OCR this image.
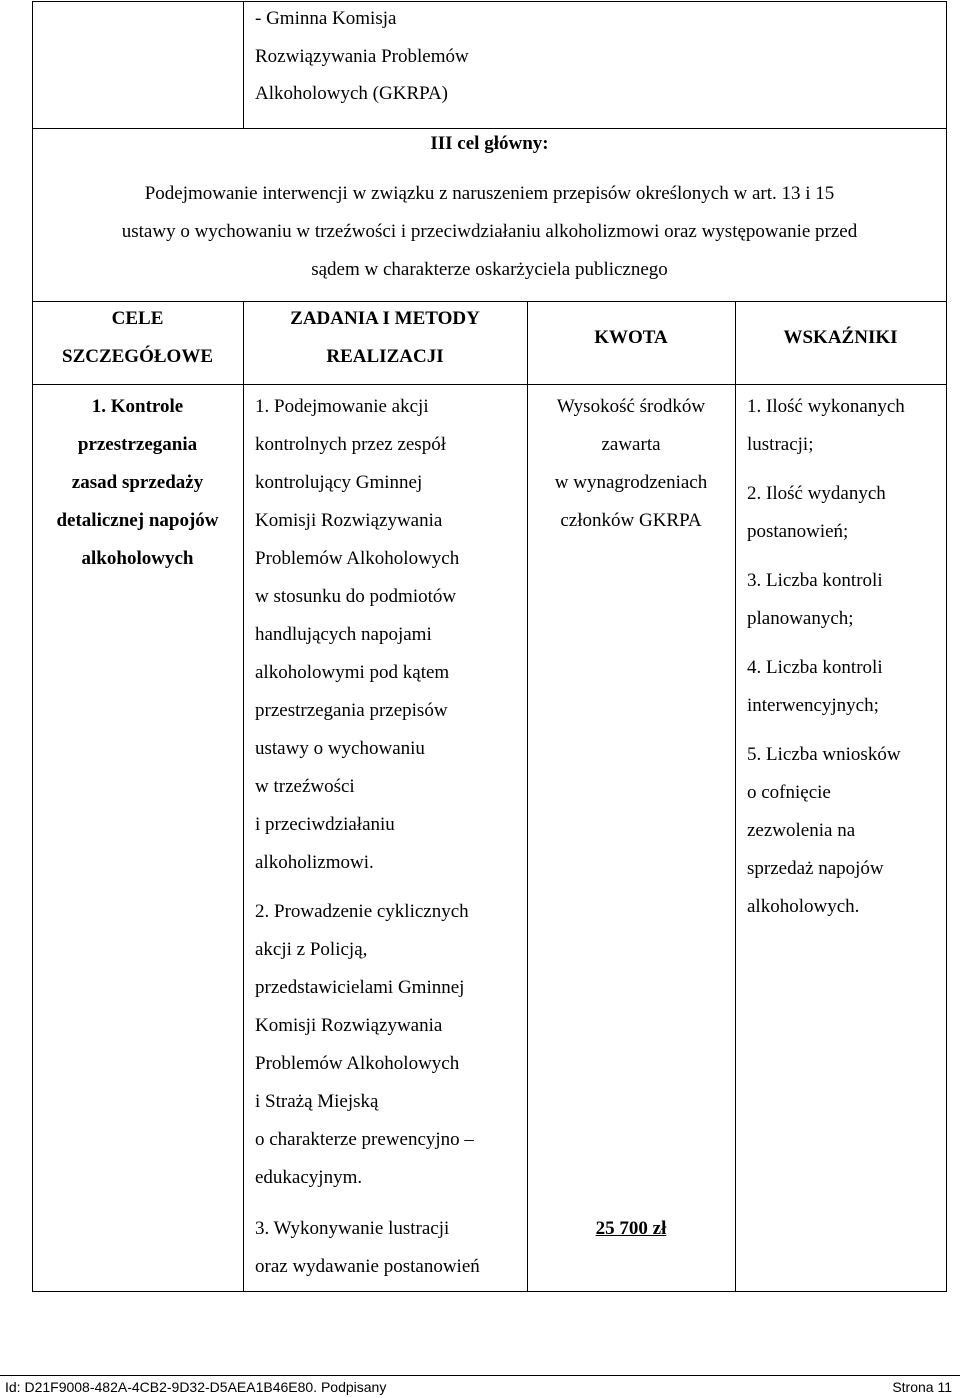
- Gminna Komisja
Rozwiązywania Problemów
Alkoholowych (GKRPA)
III cel główny:
Podejmowanie interwencji w związku z naruszeniem przepisów określonych w art. 13 i 15
ustawy o wychowaniu w trzeźwości i przeciwdziałaniu alkoholizmowi oraz występowanie przed
sądem w charakterze oskarżyciela publicznego
CELE
SZCZEGÓŁOWE
ZADANIA I METODY
REALIZACJI
KWOTA	WSKAŹNIKI
1. Kontrole
przestrzegania
zasad sprzedaży
detalicznej napojów
alkoholowych
1. Podejmowanie akcji
kontrolnych przez zespół
kontrolujący Gminnej
Komisji Rozwiązywania
Problemów Alkoholowych
w stosunku do podmiotów
handlujących napojami
alkoholowymi pod kątem
przestrzegania przepisów
ustawy o wychowaniu
w trzeźwości
i przeciwdziałaniu
alkoholizmowi.
2. Prowadzenie cyklicznych
akcji z Policją,
przedstawicielami Gminnej
Komisji Rozwiązywania
Problemów Alkoholowych
i Strażą Miejską
o charakterze prewencyjno –
edukacyjnym.
3. Wykonywanie lustracji
oraz wydawanie postanowień
Wysokość środków
zawarta
w wynagrodzeniach
członków GKRPA
25 700 zł
1. Ilość wykonanych
lustracji;
2. Ilość wydanych
postanowień;
3. Liczba kontroli
planowanych;
4. Liczba kontroli
interwencyjnych;
5. Liczba wniosków
o cofnięcie
zezwolenia na
sprzedaż napojów
alkoholowych.
Id: D21F9008-482A-4CB2-9D32-D5AEA1B46E80. Podpisany	Strona 11
